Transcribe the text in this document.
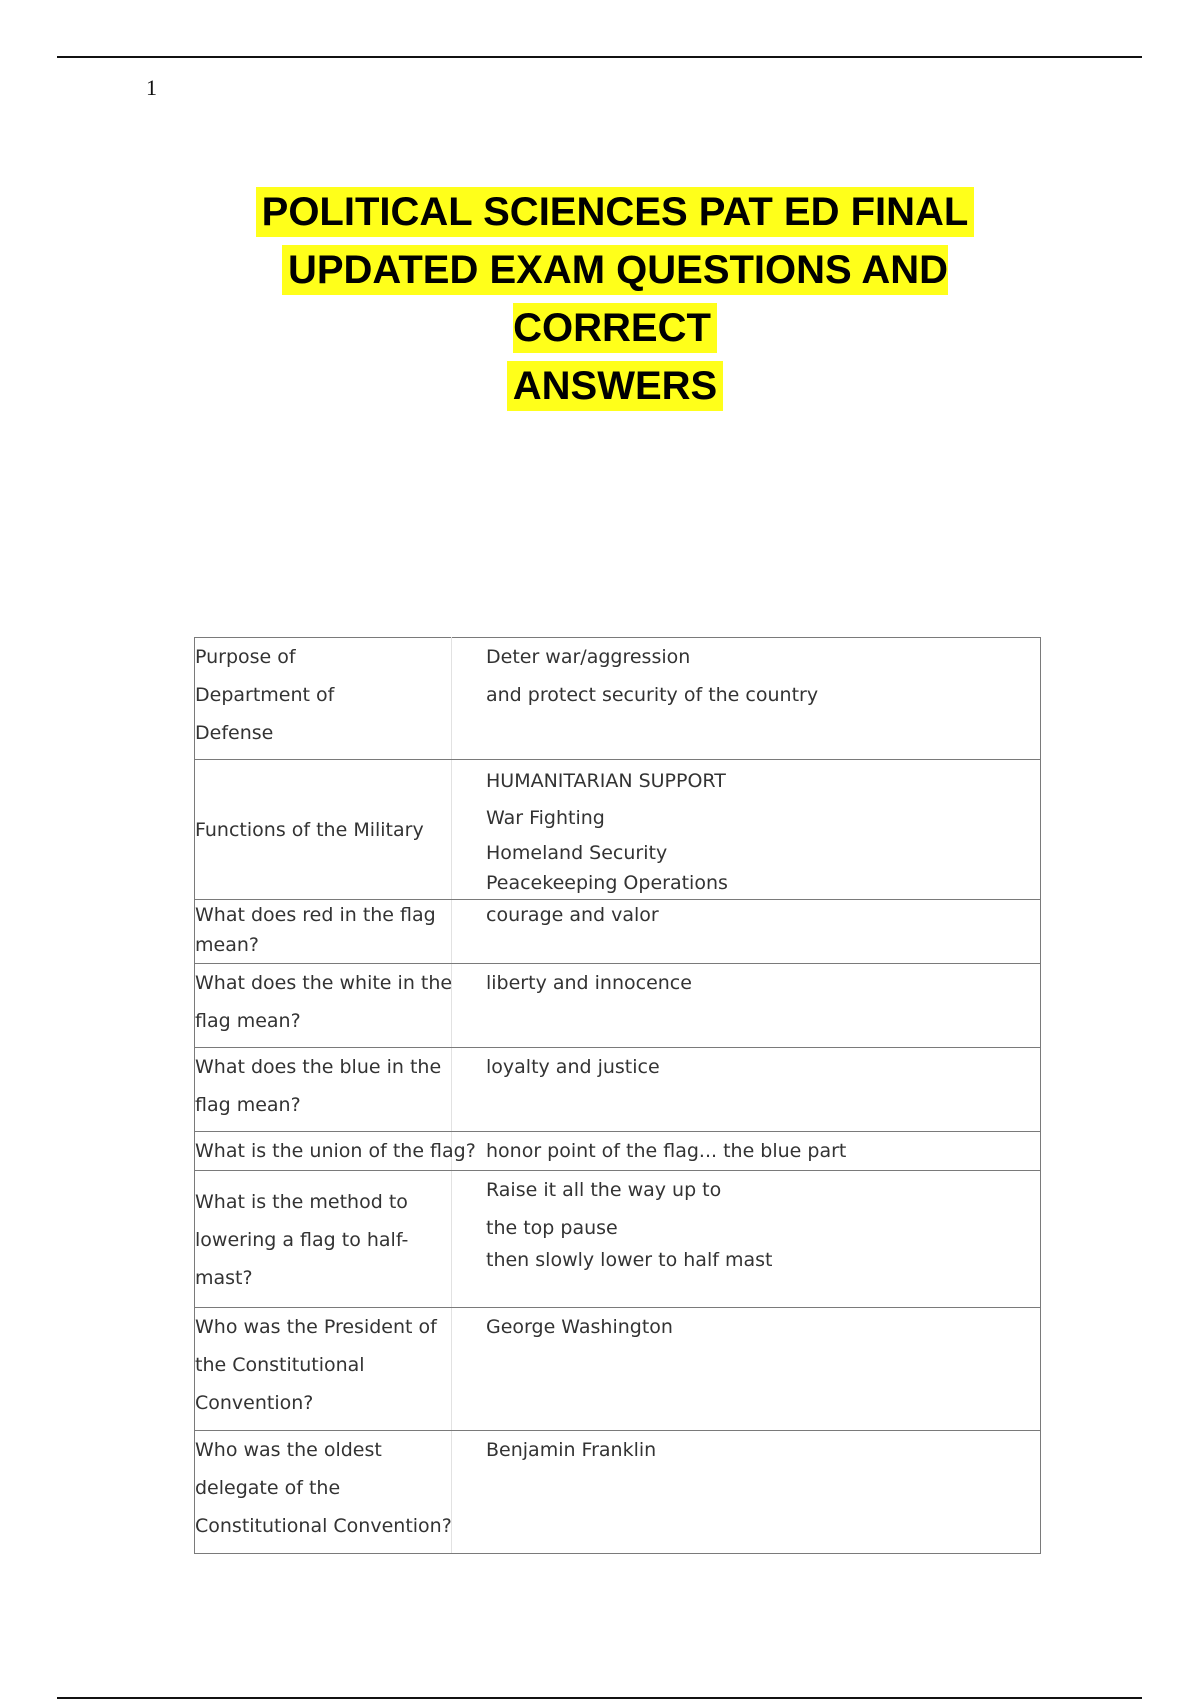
1
POLITICAL SCIENCES PAT ED FINAL
UPDATED EXAM QUESTIONS AND CORRECT
ANSWERS
Purpose of
Department of
Defense	Deter war/aggression
and protect security of the country

Functions of the Military	HUMANITARIAN SUPPORT
War Fighting
Homeland Security
Peacekeeping Operations

What does red in the flag
mean?	courage and valor

What does the white in the
flag mean?	liberty and innocence

What does the blue in the
flag mean?	loyalty and justice

What is the union of the flag?	honor point of the flag... the blue part

What is the method to
lowering a flag to half-
mast?	Raise it all the way up to
the top pause
then slowly lower to half mast

Who was the President of
the Constitutional
Convention?	George Washington

Who was the oldest
delegate of the
Constitutional Convention?	Benjamin Franklin
